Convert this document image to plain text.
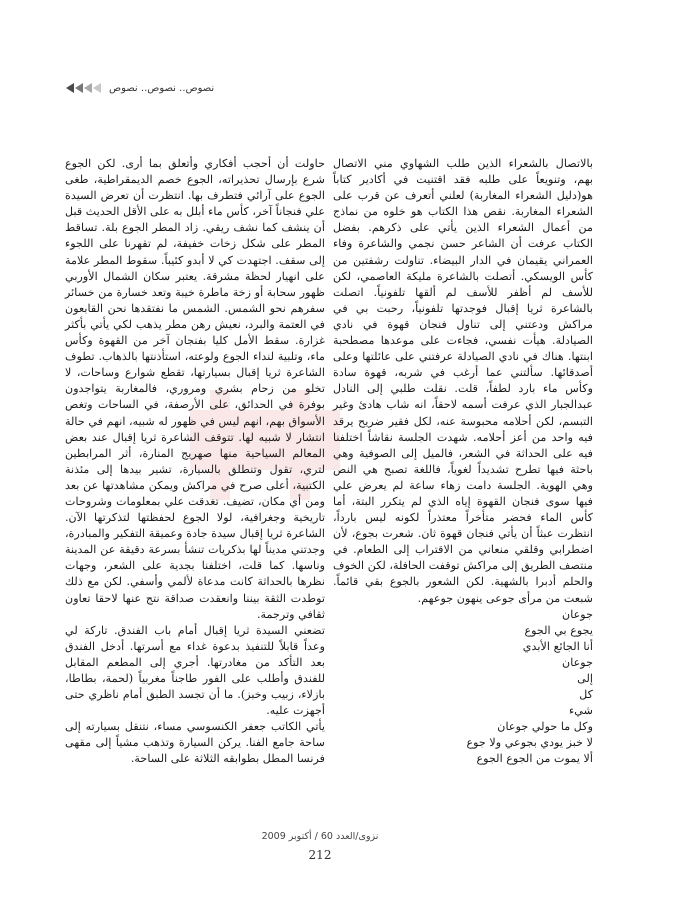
نصوص.. نصوص.. نصوص

بالاتصال بالشعراء الذين طلب الشهاوي مني الاتصال بهم، وتنويعاً على طلبه فقد اقتنيت في أكادير كتاباً هو(دليل الشعراء المغاربة) لعلني أتعرف عن قرب على الشعراء المغاربة. نقص هذا الكتاب هو خلوه من نماذج من أعمال الشعراء الذين يأتي على ذكرهم. بفضل الكتاب عرفت أن الشاعر حسن نجمي والشاعرة وفاء العمراني يقيمان في الدار البيضاء. تناولت رشفتين من كأس الويسكي. أتصلت بالشاعرة مليكة العاصمي، لكن للأسف لم أظفر للأسف لم ألقها تلفونياً. اتصلت بالشاعرة ثريا إقبال فوجدتها تلفونياً، رحبت بي في مراكش ودعتني إلى تناول فنجان قهوة في نادي الصيادلة. هيأت نفسي، فجاءت على موعدها مصطحبة ابنتها. هناك في نادي الصيادلة عرفتني على عائلتها وعلى أصدقائها. سألتني عما أرغب في شربه، قهوة سادة وكأس ماء بارد لطفاً، قلت. نقلت طلبي إلى النادل عبدالجبار الذي عرفت أسمه لاحقاً، انه شاب هادئ وغير التبسم، لكن أحلامه محبوسة عنه، لكل فقير ضريح يرقد فيه واحد من أعز أحلامه. شهدت الجلسة نقاشاً اختلفنا فيه على الحداثة في الشعر، فالميل إلى الصوفية وهي باحثة فيها تطرح تشديداً لغوياً، فاللغة تصبح هي النص وهي الهوية. الجلسة دامت زهاء ساعة لم يعرض علي فيها سوى فنجان القهوة إياه الذي لم يتكرر البتة، أما كأس الماء فحضر متأخراً معتذراً لكونه ليس بارداً، انتظرت عبثاً أن يأتي فنجان قهوة ثان. شعرت بجوع، لأن اضطرابي وقلقي منعاني من الاقتراب إلى الطعام. في منتصف الطريق إلى مراكش توقفت الحافلة، لكن الخوف والحلم أدبرا بالشهية. لكن الشعور بالجوع بقي قائماً. شبعت من مرأى جوعى ينهون جوعهم.

جوعان
يجوع بي الجوع
أنا الجائع الأبدي
جوعان
إلى
كل
شيء
وكل ما حولي جوعان
لا خبز يودي بجوعي ولا جوع
ألا يموت من الجوع الجوع

حاولت أن أحجب أفكاري وأتعلق بما أرى. لكن الجوع شرع بإرسال تحذيراته، الجوع خصم الديمقراطية، طغى الجوع على آرائي فتطرف بها. انتظرت أن تعرض السيدة علي فنجاناً آخر، كأس ماء أبلل به على الأقل الحديث قبل أن ينشف كما نشف ريقي. زاد المطر الجوع بلة. تساقط المطر على شكل زخات خفيفة، لم تقهرنا على اللجوء إلى سقف. اجتهدت كي لا أبدو كئيباً. سقوط المطر علامة على انهيار لحظة مشرقة. يعتبر سكان الشمال الأوربي ظهور سحابة أو زخة ماطرة خيبة وتعد خسارة من خسائر سفرهم نحو الشمس. الشمس ما نفتقدها نحن القابعون في العتمة والبرد، نعيش رهن مطر يذهب لكي يأتي بأكثر غزارة. سقط الأمل كليا بفنجان آخر من القهوة وكأس ماء، وتلبية لنداء الجوع ولوعته، استأذنتها بالذهاب. تطوف الشاعرة ثريا إقبال بسيارتها، تقطع شوارع وساحات، لا تخلو من زحام بشري ومروري، فالمغاربة يتواجدون بوفرة في الحدائق، على الأرصفة، في الساحات وتغص الأسواق بهم، انهم ليس في ظهور له شبيه، انهم في حالة انتشار لا شبيه لها. تتوقف الشاعرة ثريا إقبال عند بعض المعالم السياحية منها صهريج المنارة، أثر المرابطين لتري، تقول وتنطلق بالسيارة، تشير بيدها إلى مئذنة الكتبية، أعلى صرح في مراكش ويمكن مشاهدتها عن بعد ومن أي مكان، تضيف. تغدقت علي بمعلومات وشروحات تاريخية وجغرافية، لولا الجوع لحفظتها لتذكرتها الآن. الشاعرة ثريا إقبال سيدة جادة وعميقة التفكير والمبادرة، وجدتني مديناً لها بذكريات تنشأ بسرعة دقيقة عن المدينة وناسها. كما قلت، اختلفنا بجدية على الشعر، وجهات نظرها بالحداثة كانت مدعاة لألمي وأسفي. لكن مع ذلك توطدت الثقة بيننا وانعقدت صداقة نتج عنها لاحقا تعاون ثقافي وترجمة.

تضعني السيدة ثريا إقبال أمام باب الفندق. تاركة لي وعداً قابلاً للتنفيذ بدعوة غداء مع أسرتها. أدخل الفندق بعد التأكد من مغادرتها. أجري إلى المطعم المقابل للفندق وأطلب على الفور طاجناً مغربياً (لحمة، بطاطا، بازلاء، زبيب وخبز). ما أن تجسد الطبق أمام ناظري حتى أجهزت عليه.

يأتي الكاتب جعفر الكنسوسي مساء، نتنقل بسيارته إلى ساحة جامع الفنا. يركن السيارة وتذهب مشياً إلى مقهى فرنسا المطل بطوابقه الثلاثة على الساحة.

نزوى/العدد 60 / أكتوبر 2009
212
